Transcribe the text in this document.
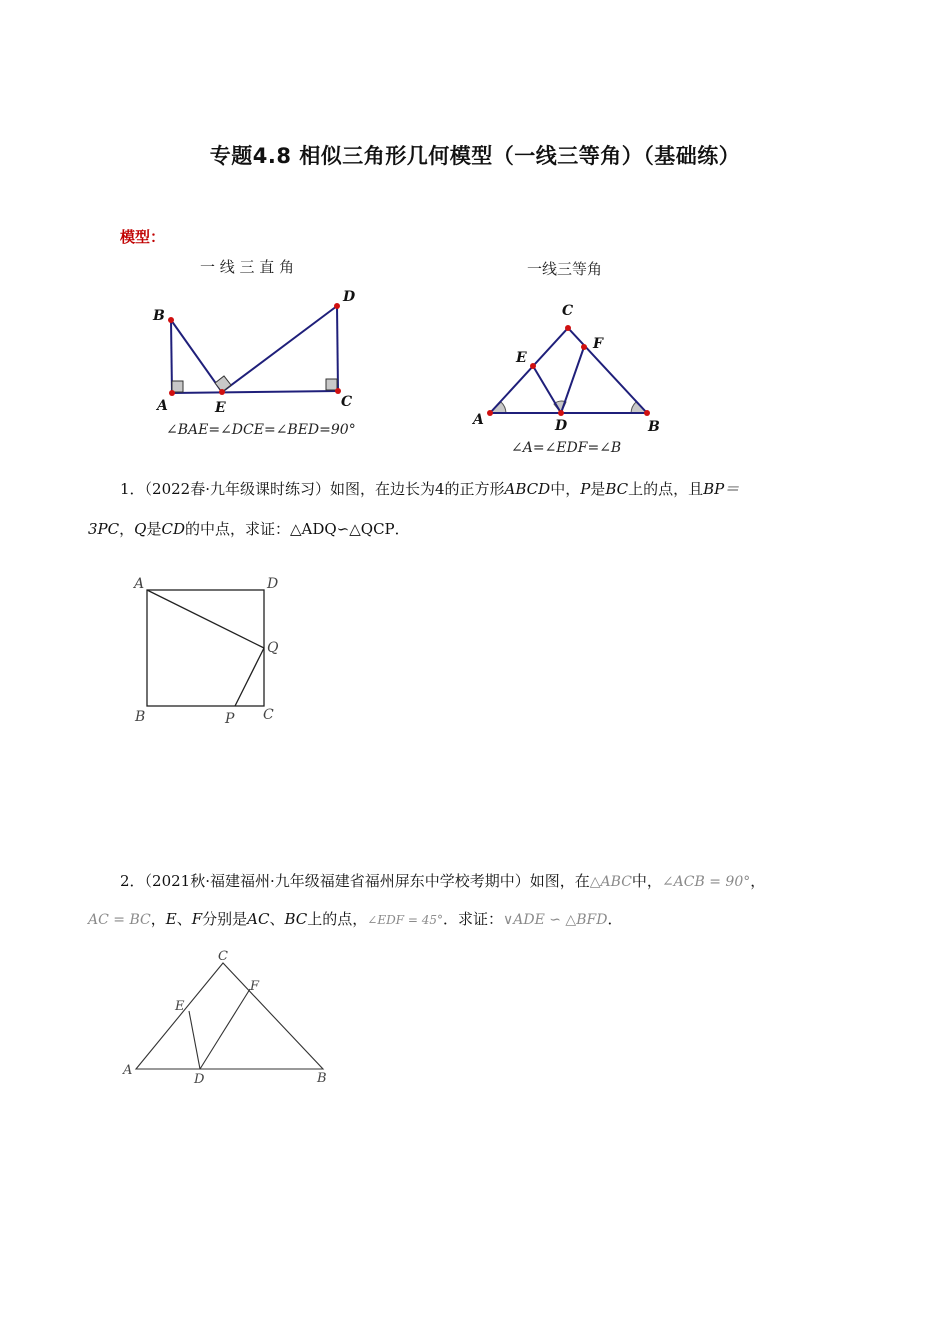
专题4.8 相似三角形几何模型（一线三等角）（基础练）
模型：
一 线 三 直 角
B
A	E	C
D
∠BAE=∠DCE=∠BED=90°
一线三等角
C
F
E
A	D	B
∠A=∠EDF=∠B
1．（2022春·九年级课时练习）如图，在边长为4的正方形ABCD中，P是BC上的点，且BP＝
3PC，Q是CD的中点，求证：△ADQ∽△QCP．
A	D
Q
B	P C
2．（2021秋·福建福州·九年级福建省福州屏东中学校考期中）如图，在△ABC中，∠ACB = 90°，
AC = BC，E、F分别是AC、BC上的点，∠EDF = 45°．求证：∨ADE ∽ △BFD．
C
F
E
A
D	B
